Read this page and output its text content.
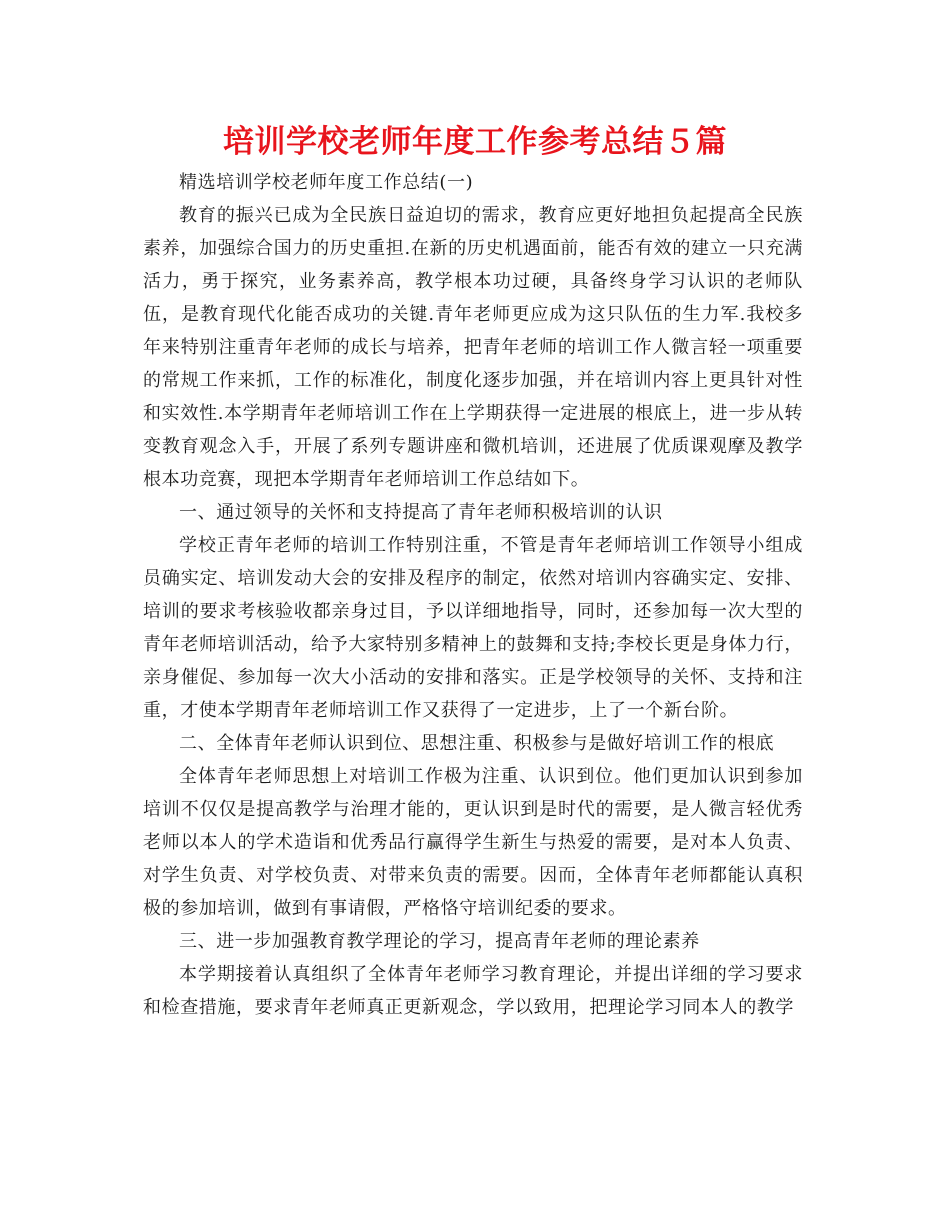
培训学校老师年度工作参考总结５篇

精选培训学校老师年度工作总结(一)

教育的振兴已成为全民族日益迫切的需求，教育应更好地担负起提高全民族素养，加强综合国力的历史重担.在新的历史机遇面前，能否有效的建立一只充满活力，勇于探究，业务素养高，教学根本功过硬，具备终身学习认识的老师队伍，是教育现代化能否成功的关键.青年老师更应成为这只队伍的生力军.我校多年来特别注重青年老师的成长与培养，把青年老师的培训工作人微言轻一项重要的常规工作来抓，工作的标准化，制度化逐步加强，并在培训内容上更具针对性和实效性.本学期青年老师培训工作在上学期获得一定进展的根底上，进一步从转变教育观念入手，开展了系列专题讲座和微机培训，还进展了优质课观摩及教学根本功竞赛，现把本学期青年老师培训工作总结如下。

一、通过领导的关怀和支持提高了青年老师积极培训的认识

学校正青年老师的培训工作特别注重，不管是青年老师培训工作领导小组成员确实定、培训发动大会的安排及程序的制定，依然对培训内容确实定、安排、培训的要求考核验收都亲身过目，予以详细地指导，同时，还参加每一次大型的青年老师培训活动，给予大家特别多精神上的鼓舞和支持;李校长更是身体力行，亲身催促、参加每一次大小活动的安排和落实。正是学校领导的关怀、支持和注重，才使本学期青年老师培训工作又获得了一定进步，上了一个新台阶。

二、全体青年老师认识到位、思想注重、积极参与是做好培训工作的根底

全体青年老师思想上对培训工作极为注重、认识到位。他们更加认识到参加培训不仅仅是提高教学与治理才能的，更认识到是时代的需要，是人微言轻优秀老师以本人的学术造诣和优秀品行赢得学生新生与热爱的需要，是对本人负责、对学生负责、对学校负责、对带来负责的需要。因而，全体青年老师都能认真积极的参加培训，做到有事请假，严格恪守培训纪委的要求。

三、进一步加强教育教学理论的学习，提高青年老师的理论素养

本学期接着认真组织了全体青年老师学习教育理论，并提出详细的学习要求和检查措施，要求青年老师真正更新观念，学以致用，把理论学习同本人的教学
